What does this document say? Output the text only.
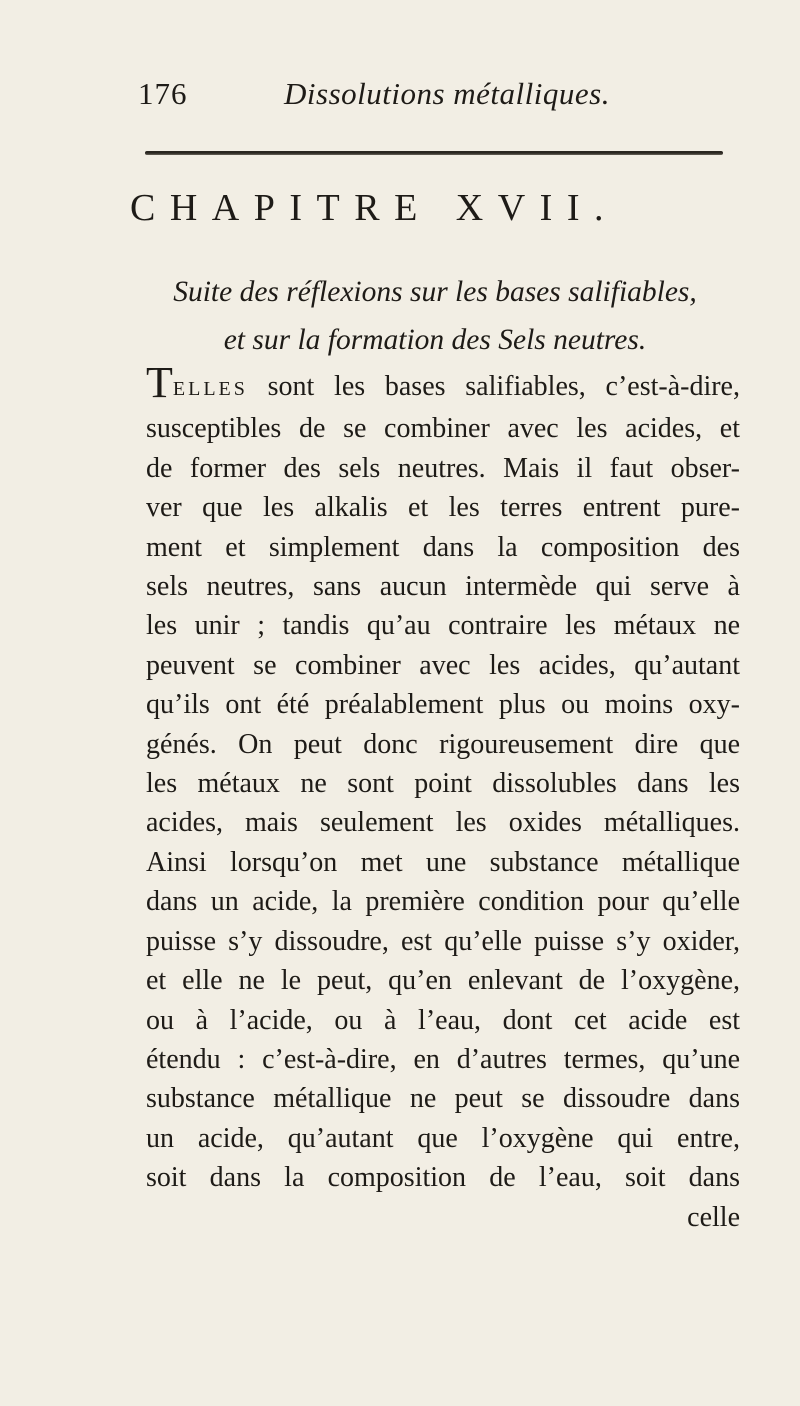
176	Dissolutions métalliques.
CHAPITRE XVII.
Suite des réflexions sur les bases salifiables,
et sur la formation des Sels neutres.
TELLES sont les bases salifiables, c’est-à-dire,
susceptibles de se combiner avec les acides, et
de former des sels neutres. Mais il faut obser-
ver que les alkalis et les terres entrent pure-
ment et simplement dans la composition des
sels neutres, sans aucun intermède qui serve à
les unir ; tandis qu’au contraire les métaux ne
peuvent se combiner avec les acides, qu’autant
qu’ils ont été préalablement plus ou moins oxy-
génés. On peut donc rigoureusement dire que
les métaux ne sont point dissolubles dans les
acides, mais seulement les oxides métalliques.
Ainsi lorsqu’on met une substance métallique
dans un acide, la première condition pour qu’elle
puisse s’y dissoudre, est qu’elle puisse s’y oxider,
et elle ne le peut, qu’en enlevant de l’oxygène,
ou à l’acide, ou à l’eau, dont cet acide est
étendu : c’est-à-dire, en d’autres termes, qu’une
substance métallique ne peut se dissoudre dans
un acide, qu’autant que l’oxygène qui entre,
soit dans la composition de l’eau, soit dans
celle
